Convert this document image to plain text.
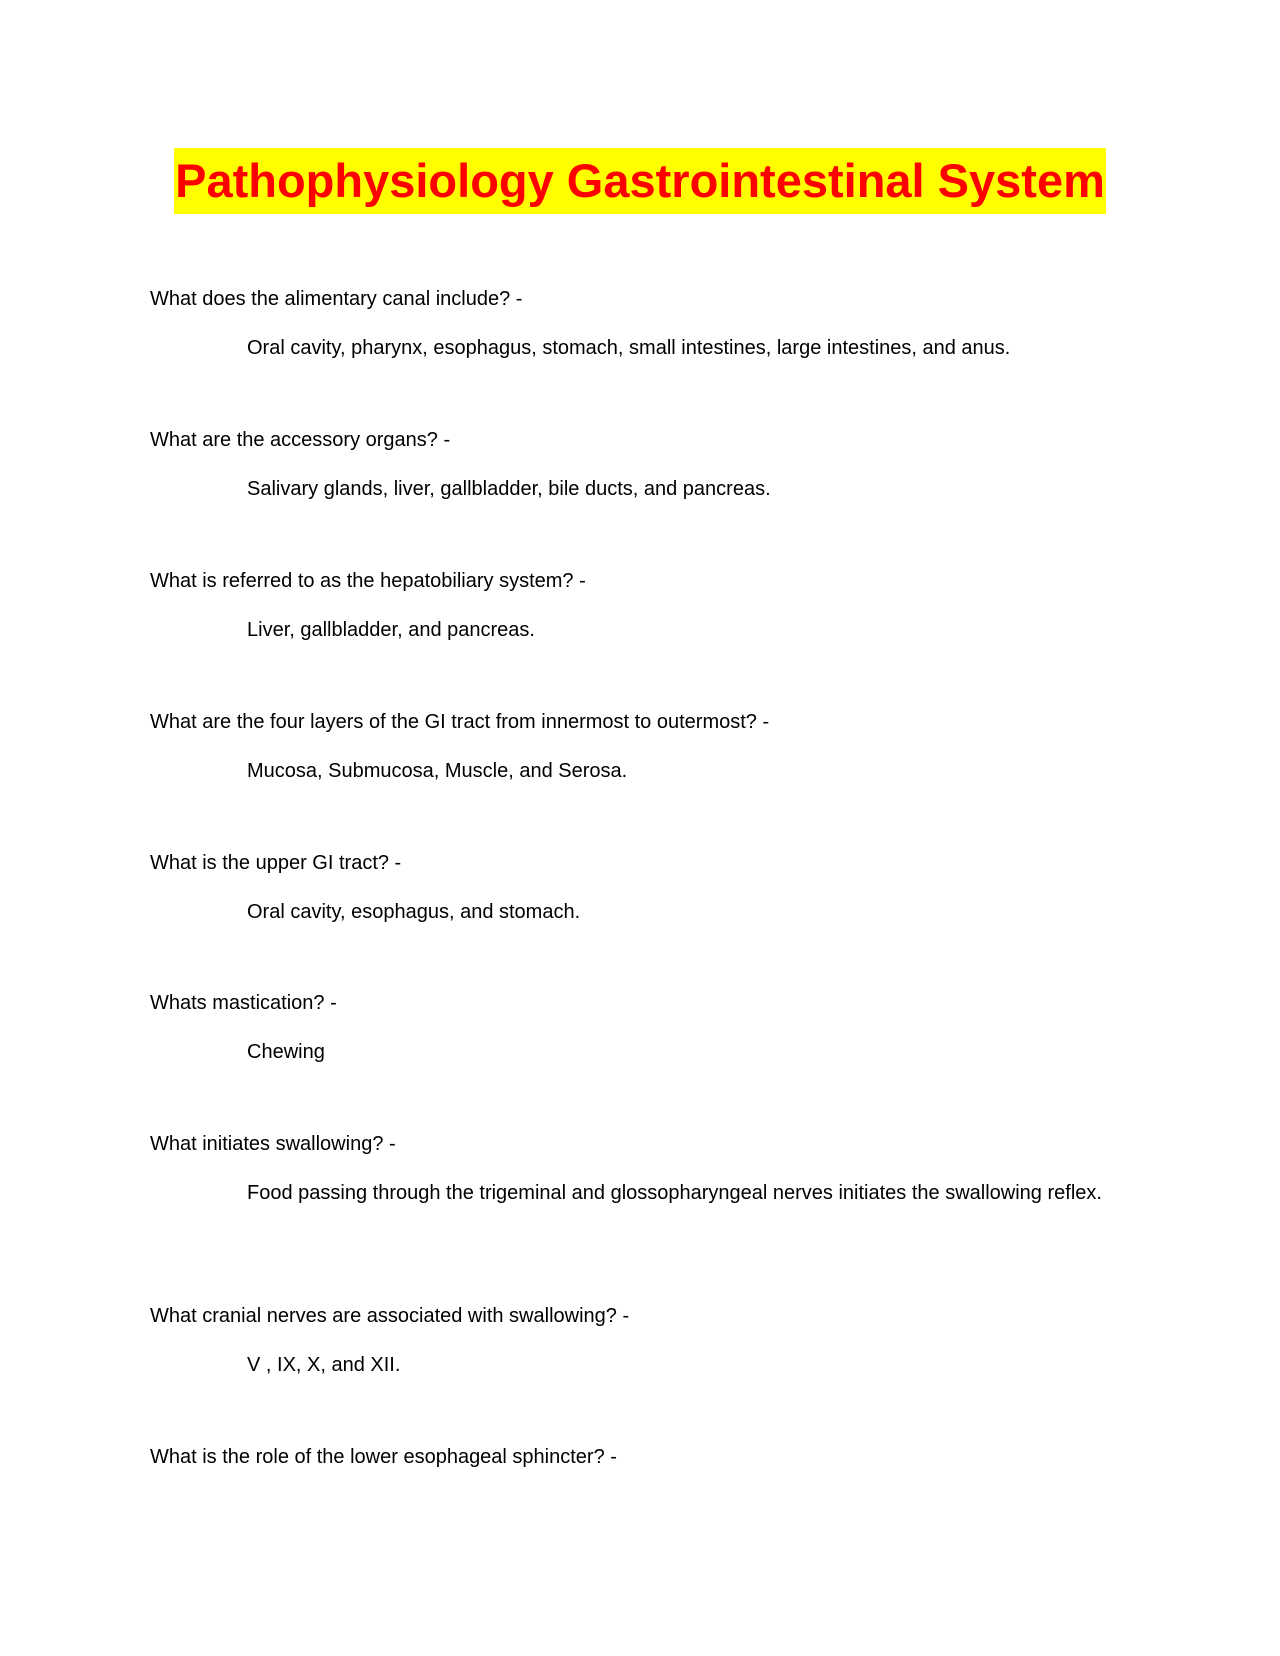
Pathophysiology Gastrointestinal System

What does the alimentary canal include? -

Oral cavity, pharynx, esophagus, stomach, small intestines, large intestines, and anus.

What are the accessory organs? -

Salivary glands, liver, gallbladder, bile ducts, and pancreas.

What is referred to as the hepatobiliary system? -

Liver, gallbladder, and pancreas.

What are the four layers of the GI tract from innermost to outermost? -

Mucosa, Submucosa, Muscle, and Serosa.

What is the upper GI tract? -

Oral cavity, esophagus, and stomach.

Whats mastication? -

Chewing

What initiates swallowing? -

Food passing through the trigeminal and glossopharyngeal nerves initiates the swallowing reflex.

What cranial nerves are associated with swallowing? -

V , IX, X, and XII.

What is the role of the lower esophageal sphincter? -
